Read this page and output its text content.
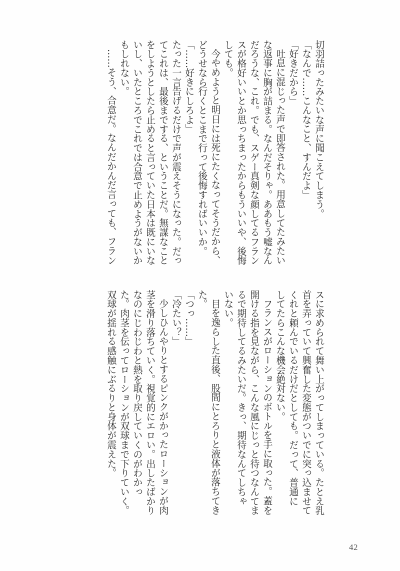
切羽詰ったみたいな声に聞こえてしまう。
「なんで……こんなこと、すんだよ」
「好きだから」
吐息に混じった声で即答された。用意してたみたい
な返事に胸が詰まる。なんだそりゃ。ああもう嘘なん
だろうな、これ。でも、スゲー真剣な顔してるフラン
スが格好いいとか思っちまったからもういいや、後悔
しても。
今やめようと明日には死にたくなってそうだから、
どうせなら行くとこまで行って後悔すればいいか。
「……好きにしろよ」
たった一言告げるだけで声が震えそうになった。だっ
てこれは、最後までする、ということだ。無謀なこと
をしようとしたら止めると言っていた日本は既にいな
いし、いたところでこれでは合意で止めようがないか
もしれない。
……そう、合意だ。なんだかんだ言っても、フラン
スに求められて舞い上がってしまっている。たとえ乳
首を弄っていて興奮した変態がついでに突っ込ませて
くれと頼んでいるだけだとしても。だって、普通に
してたらこんな機会絶対ない。
フランスがローションのボトルを手に取った。蓋を
開ける指を見ながら、こんな風にじっと待つなんてま
るで期待してるみたいだ。きっ、期待なんてしちゃ
いない。
目を逸らした直後、股間にとろりと液体が落ちてき
た。
「つっ……」
「冷たい？」
少しひんやりとするピンクがかったローションが肉
茎を滑り落ちていく。視覚的にエロい。出したばかり
なのにじわじわと熱を取り戻していくのがわかっ
た。肉茎を伝ってローションが双球まで下りていく。
双球が揺れる感触にぶるりと身体が震えた。
42
